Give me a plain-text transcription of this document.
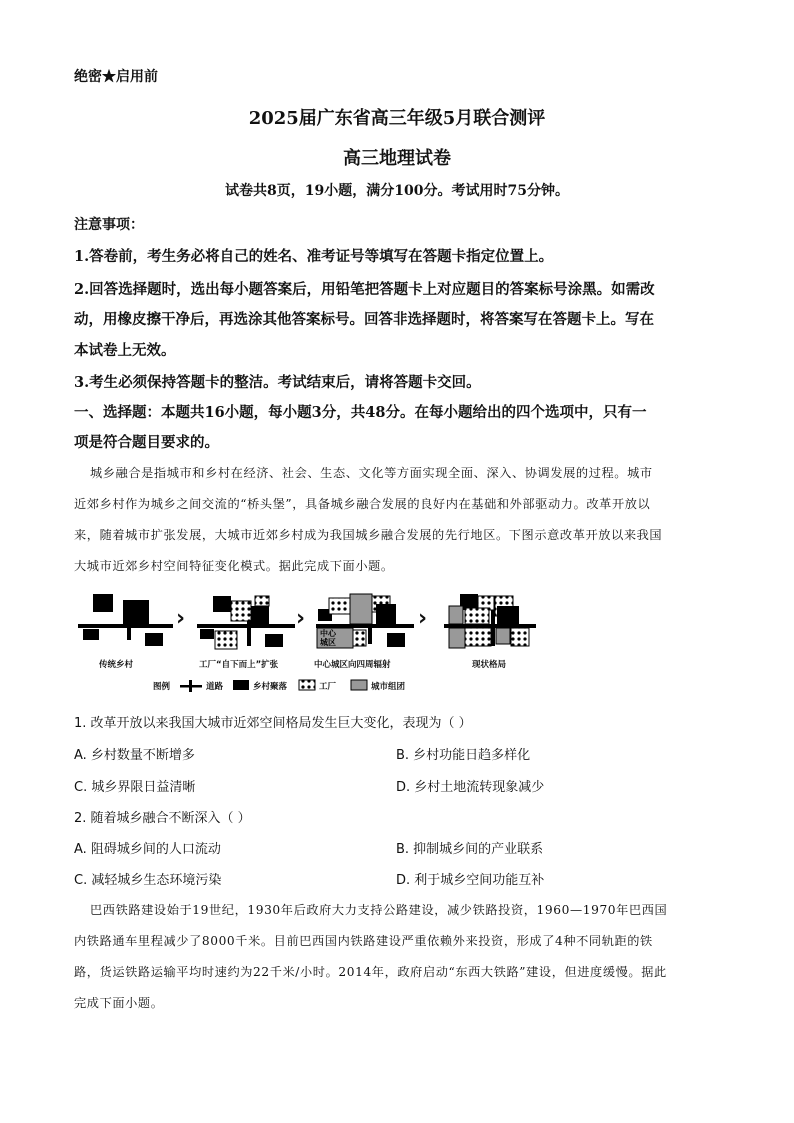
绝密★启用前
2025届广东省高三年级5月联合测评
高三地理试卷
试卷共8页，19小题，满分100分。考试用时75分钟。
注意事项：
1.答卷前，考生务必将自己的姓名、准考证号等填写在答题卡指定位置上。
2.回答选择题时，选出每小题答案后，用铅笔把答题卡上对应题目的答案标号涂黑。如需改
动，用橡皮擦干净后，再选涂其他答案标号。回答非选择题时，将答案写在答题卡上。写在
本试卷上无效。
3.考生必须保持答题卡的整洁。考试结束后，请将答题卡交回。
一、选择题：本题共16小题，每小题3分，共48分。在每小题给出的四个选项中，只有一
项是符合题目要求的。
城乡融合是指城市和乡村在经济、社会、生态、文化等方面实现全面、深入、协调发展的过程。城市
近郊乡村作为城乡之间交流的“桥头堡”，具备城乡融合发展的良好内在基础和外部驱动力。改革开放以
来，随着城市扩张发展，大城市近郊乡村成为我国城乡融合发展的先行地区。下图示意改革开放以来我国
大城市近郊乡村空间特征变化模式。据此完成下面小题。
›	›	›
中心
城区
传统乡村	工厂“自下而上”扩张	中心城区向四周辐射	现状格局
图例	道路	乡村聚落	工厂	城市组团
1. 改革开放以来我国大城市近郊空间格局发生巨大变化，表现为（ ）
A. 乡村数量不断增多	B. 乡村功能日趋多样化
C. 城乡界限日益清晰	D. 乡村土地流转现象减少
2. 随着城乡融合不断深入（ ）
A. 阻碍城乡间的人口流动	B. 抑制城乡间的产业联系
C. 减轻城乡生态环境污染	D. 利于城乡空间功能互补
巴西铁路建设始于19世纪，1930年后政府大力支持公路建设，减少铁路投资，1960—1970年巴西国
内铁路通车里程减少了8000千米。目前巴西国内铁路建设严重依赖外来投资，形成了4种不同轨距的铁
路，货运铁路运输平均时速约为22千米/小时。2014年，政府启动“东西大铁路”建设，但进度缓慢。据此
完成下面小题。
